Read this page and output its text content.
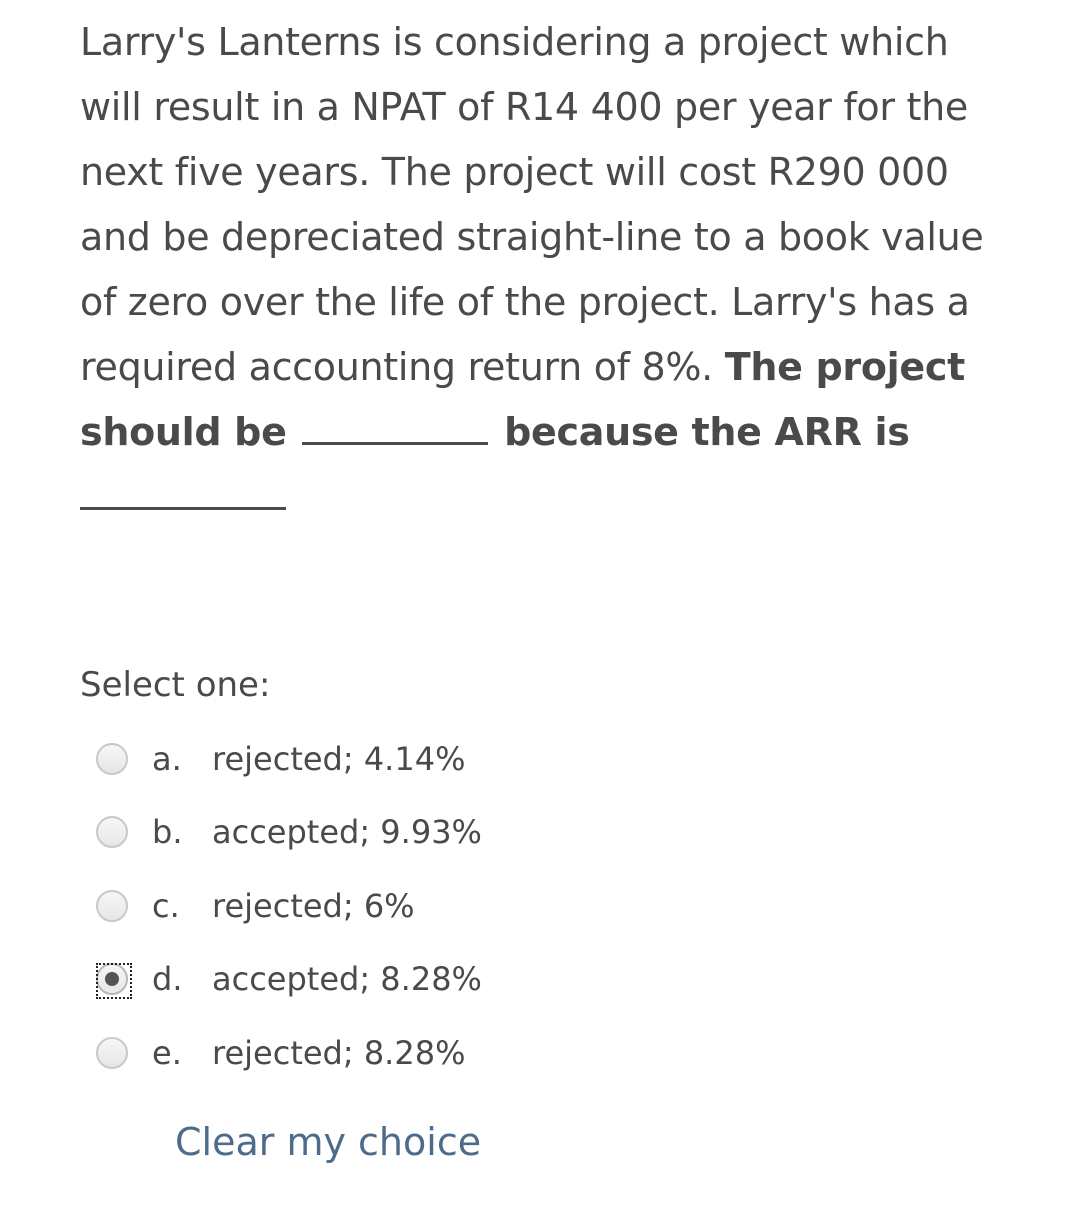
Larry's Lanterns is considering a project which will result in a NPAT of R14 400 per year for the next five years. The project will cost R290 000 and be depreciated straight-line to a book value of zero over the life of the project. Larry's has a required accounting return of 8%. The project should be	because the ARR is

Select one:
a. rejected; 4.14%
b. accepted; 9.93%
c. rejected; 6%
d. accepted; 8.28%
e. rejected; 8.28%
Clear my choice
